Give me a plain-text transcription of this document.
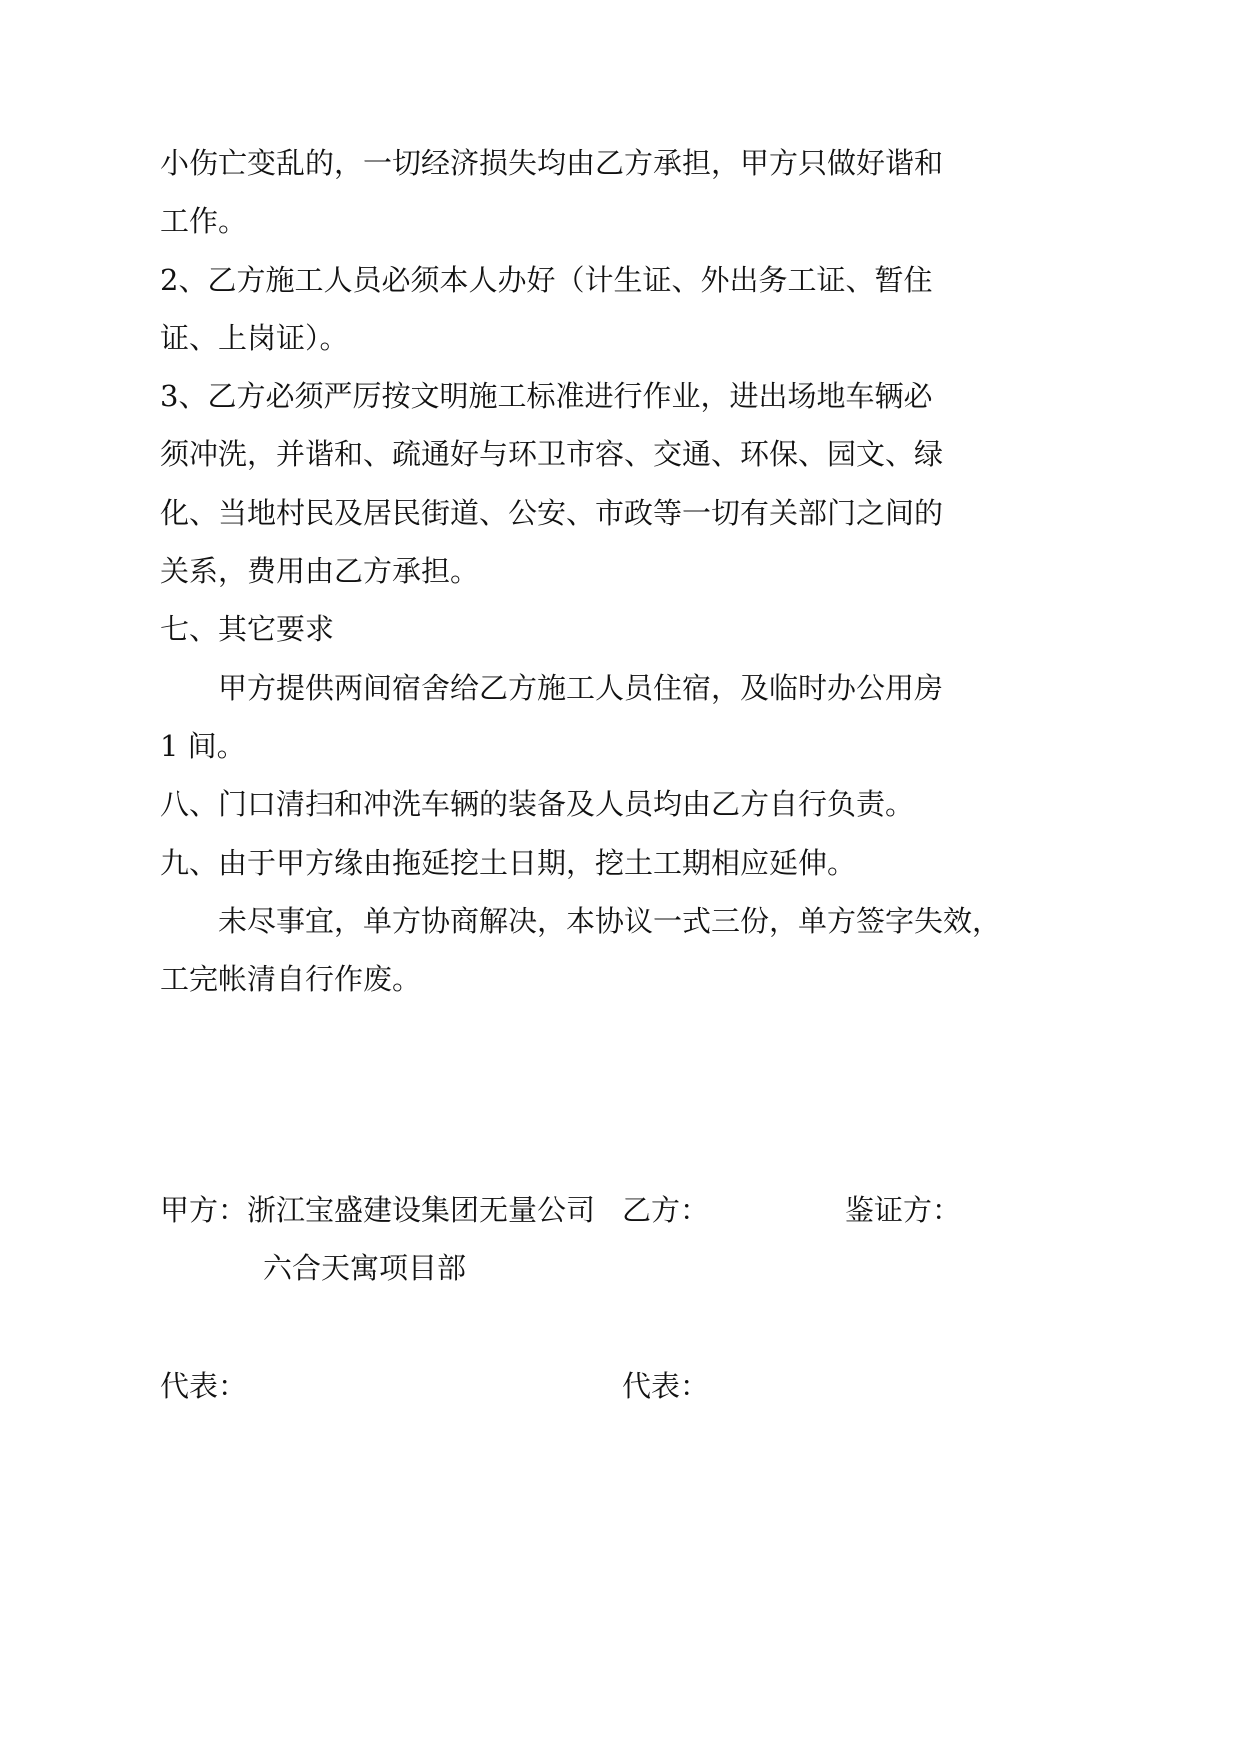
小伤亡变乱的，一切经济损失均由乙方承担，甲方只做好谐和
工作。
2、乙方施工人员必须本人办好（计生证、外出务工证、暂住
证、上岗证）。
3、乙方必须严厉按文明施工标准进行作业，进出场地车辆必
须冲洗，并谐和、疏通好与环卫市容、交通、环保、园文、绿
化、当地村民及居民街道、公安、市政等一切有关部门之间的
关系，费用由乙方承担。
七、其它要求
甲方提供两间宿舍给乙方施工人员住宿，及临时办公用房
1 间。
八、门口清扫和冲洗车辆的装备及人员均由乙方自行负责。
九、由于甲方缘由拖延挖土日期，挖土工期相应延伸。
未尽事宜，单方协商解决，本协议一式三份，单方签字失效，
工完帐清自行作废。
甲方：浙江宝盛建设集团无量公司 乙方：	鉴证方：
六合天寓项目部
代表：	代表：
